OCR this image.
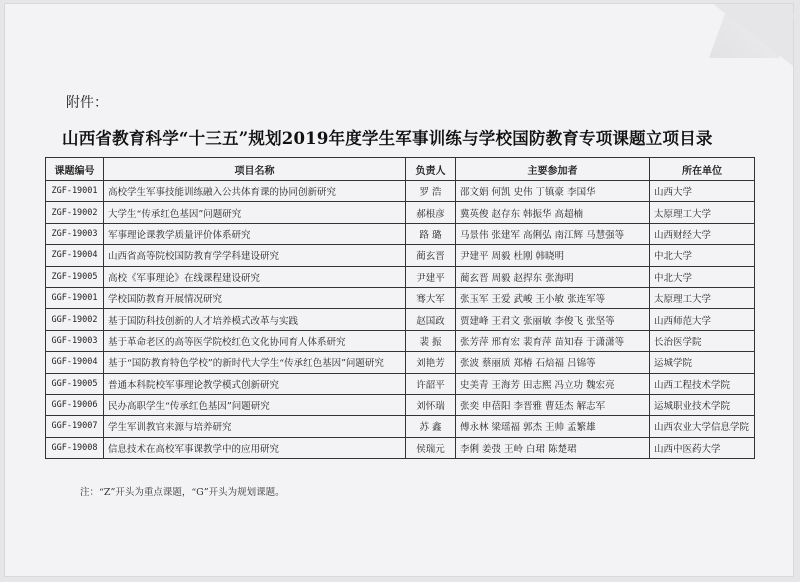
附件：
山西省教育科学“十三五”规划2019年度学生军事训练与学校国防教育专项课题立项目录
课题编号	项目名称	负责人	主要参加者	所在单位
ZGF-19001	高校学生军事技能训练融入公共体育课的协同创新研究	罗 浩	邵文娟 何凯 史伟 丁镇豪 李国华	山西大学
ZGF-19002	大学生“传承红色基因”问题研究	郝根彦	冀英俊 赵存东 韩振华 高超楠	太原理工大学
ZGF-19003	军事理论课教学质量评价体系研究	路 璐	马景伟 张建军 高俐弘 南江辉 马慧强等	山西财经大学
ZGF-19004	山西省高等院校国防教育学学科建设研究	蔺玄晋	尹建平 周毅 杜刚 韩晓明	中北大学
ZGF-19005	高校《军事理论》在线课程建设研究	尹建平	蔺玄晋 周毅 赵捍东 张海明	中北大学
GGF-19001	学校国防教育开展情况研究	骞大军	张玉军 王爱 武峻 王小敏 张连军等	太原理工大学
GGF-19002	基于国防科技创新的人才培养模式改革与实践	赵国政	贾建峰 王君文 张丽敏 李俊飞 张坚等	山西师范大学
GGF-19003	基于革命老区的高等医学院校红色文化协同育人体系研究	裴 振	张芳萍 邢育宏 裴育萍 苗知春 于潇潇等	长治医学院
GGF-19004	基于“国防教育特色学校”的新时代大学生“传承红色基因”问题研究	刘艳芳	张波 蔡丽质 郑椿 石焙福 吕锦等	运城学院
GGF-19005	普通本科院校军事理论教学模式创新研究	许韶平	史美青 王海芳 田志熙 冯立功 魏宏亮	山西工程技术学院
GGF-19006	民办高职学生“传承红色基因”问题研究	刘怀瑞	张奕 申蓓阳 李晋雅 曹廷杰 解志军	运城职业技术学院
GGF-19007	学生军训教官来源与培养研究	苏 鑫	傅永林 梁瑶福 郭杰 王帅 孟繁雄	山西农业大学信息学院
GGF-19008	信息技术在高校军事课教学中的应用研究	侯瑞元	李俐 姜弢 王岭 白珺 陈楚珺	山西中医药大学
注：“Z”开头为重点课题，“G”开头为规划课题。
